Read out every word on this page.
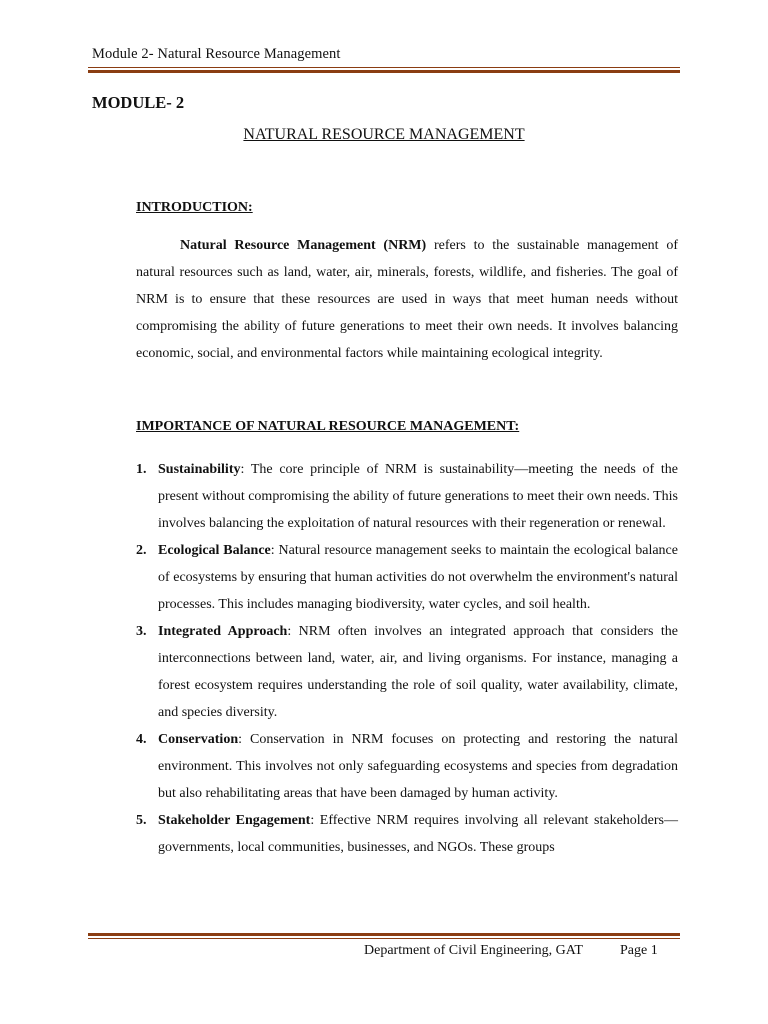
Module 2- Natural Resource Management
MODULE- 2
NATURAL RESOURCE MANAGEMENT
INTRODUCTION:
Natural Resource Management (NRM) refers to the sustainable management of natural resources such as land, water, air, minerals, forests, wildlife, and fisheries. The goal of NRM is to ensure that these resources are used in ways that meet human needs without compromising the ability of future generations to meet their own needs. It involves balancing economic, social, and environmental factors while maintaining ecological integrity.
IMPORTANCE OF NATURAL RESOURCE MANAGEMENT:
1. Sustainability: The core principle of NRM is sustainability—meeting the needs of the present without compromising the ability of future generations to meet their own needs. This involves balancing the exploitation of natural resources with their regeneration or renewal.
2. Ecological Balance: Natural resource management seeks to maintain the ecological balance of ecosystems by ensuring that human activities do not overwhelm the environment's natural processes. This includes managing biodiversity, water cycles, and soil health.
3. Integrated Approach: NRM often involves an integrated approach that considers the interconnections between land, water, air, and living organisms. For instance, managing a forest ecosystem requires understanding the role of soil quality, water availability, climate, and species diversity.
4. Conservation: Conservation in NRM focuses on protecting and restoring the natural environment. This involves not only safeguarding ecosystems and species from degradation but also rehabilitating areas that have been damaged by human activity.
5. Stakeholder Engagement: Effective NRM requires involving all relevant stakeholders—governments, local communities, businesses, and NGOs. These groups
Department of Civil Engineering, GAT	Page 1
